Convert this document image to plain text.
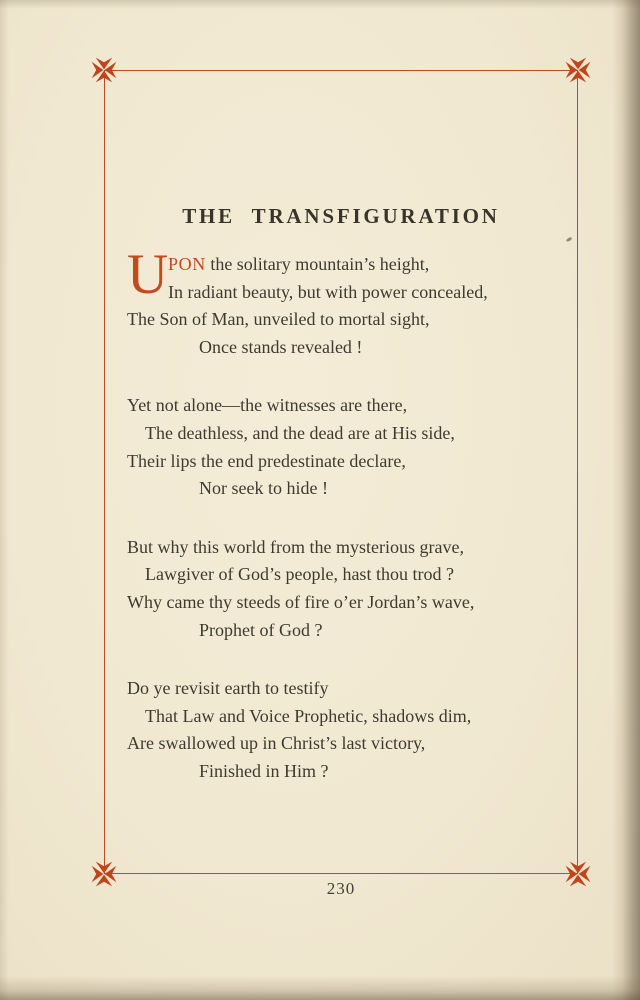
THE TRANSFIGURATION
U PON the solitary mountain’s height,
In radiant beauty, but with power concealed,
The Son of Man, unveiled to mortal sight,
Once stands revealed !
Yet not alone—the witnesses are there,
The deathless, and the dead are at His side,
Their lips the end predestinate declare,
Nor seek to hide !
But why this world from the mysterious grave,
Lawgiver of God’s people, hast thou trod ?
Why came thy steeds of fire o’er Jordan’s wave,
Prophet of God ?
Do ye revisit earth to testify
That Law and Voice Prophetic, shadows dim,
Are swallowed up in Christ’s last victory,
Finished in Him ?
230
